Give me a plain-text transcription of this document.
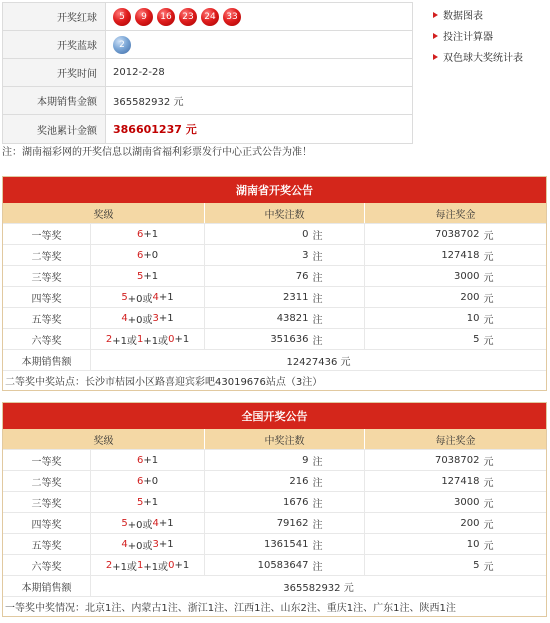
开奖红球	5	9	16	23	24	33
开奖蓝球	2
开奖时间	2012-2-28
本期销售金额	365582932 元
奖池累计金额	386601237 元
数据图表
投注计算器
双色球大奖统计表
注：湖南福彩网的开奖信息以湖南省福利彩票发行中心正式公告为准！
湖南省开奖公告
奖级	中奖注数	每注奖金
一等奖	6 +1	0 注	7038702 元
二等奖	6 +0	3 注	127418 元
三等奖	5 +1	76 注	3000 元
四等奖	5 +0或 4 +1	2311 注	200 元
五等奖	4 +0或 3 +1	43821 注	10 元
六等奖	2 +1或 1 +1或 0 +1	351636 注	5 元
本期销售额	12427436 元
二等奖中奖站点：长沙市桔园小区路喜迎宾彩吧43019676站点（3注）
全国开奖公告
奖级	中奖注数	每注奖金
一等奖	6 +1	9 注	7038702 元
二等奖	6 +0	216 注	127418 元
三等奖	5 +1	1676 注	3000 元
四等奖	5 +0或 4 +1	79162 注	200 元
五等奖	4 +0或 3 +1	1361541 注	10 元
六等奖	2 +1或 1 +1或 0 +1	10583647 注	5 元
本期销售额	365582932 元
一等奖中奖情况：北京1注、内蒙古1注、浙江1注、江西1注、山东2注、重庆1注、广东1注、陕西1注
